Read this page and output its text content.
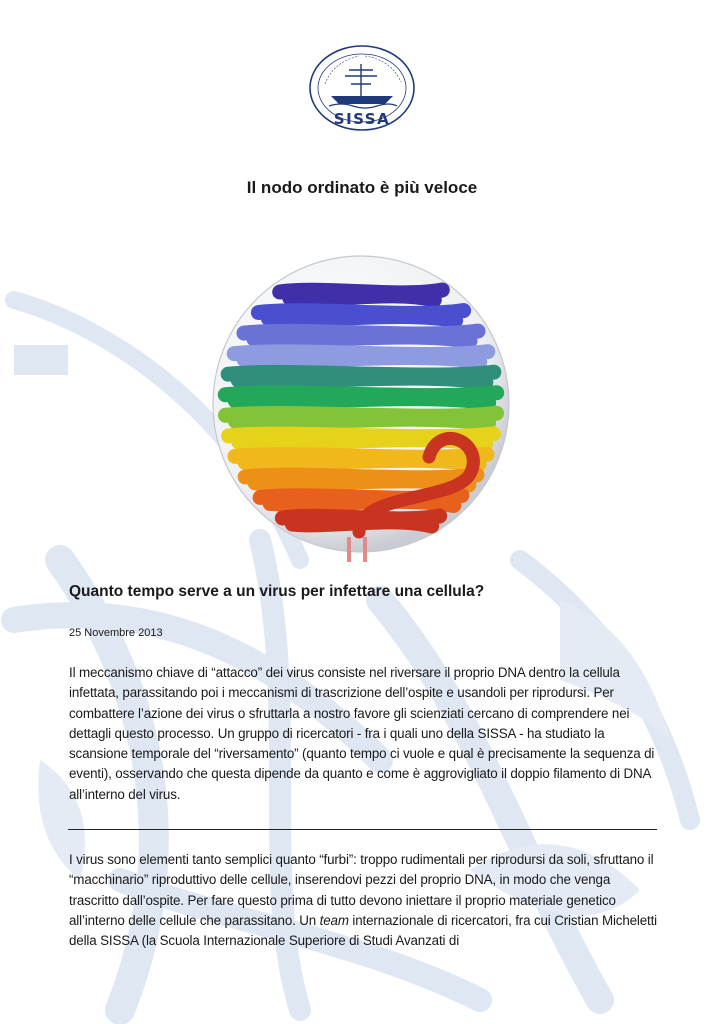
SISSA
Il nodo ordinato è più veloce
Quanto tempo serve a un virus per infettare una cellula?
25 Novembre 2013
Il meccanismo chiave di “attacco” dei virus consiste nel riversare il proprio DNA dentro la cellula infettata, parassitando poi i meccanismi di trascrizione dell’ospite e usandoli per riprodursi. Per combattere l’azione dei virus o sfruttarla a nostro favore gli scienziati cercano di comprendere nei dettagli questo processo. Un gruppo di ricercatori - fra i quali uno della SISSA - ha studiato la scansione temporale del “riversamento” (quanto tempo ci vuole e qual è precisamente la sequenza di eventi), osservando che questa dipende da quanto e come è aggrovigliato il doppio filamento di DNA all’interno del virus.
I virus sono elementi tanto semplici quanto “furbi”: troppo rudimentali per riprodursi da soli, sfruttano il “macchinario” riproduttivo delle cellule, inserendovi pezzi del proprio DNA, in modo che venga trascritto dall’ospite. Per fare questo prima di tutto devono iniettare il proprio materiale genetico all’interno delle cellule che parassitano. Un team internazionale di ricercatori, fra cui Cristian Micheletti della SISSA (la Scuola Internazionale Superiore di Studi Avanzati di
